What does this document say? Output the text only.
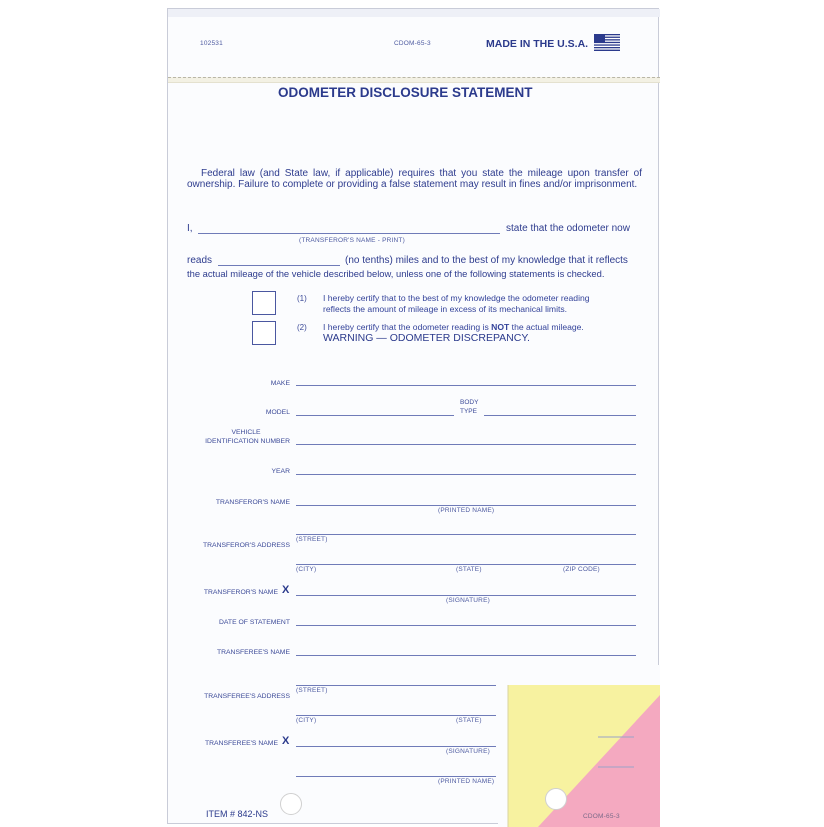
102531	CDOM-65-3	MADE IN THE U.S.A.
ODOMETER DISCLOSURE STATEMENT
Federal law (and State law, if applicable) requires that you state the mileage upon transfer of ownership. Failure to complete or providing a false statement may result in fines and/or imprisonment.
I,	state that the odometer now
(TRANSFEROR'S NAME - PRINT)
reads	(no tenths) miles and to the best of my knowledge that it reflects
the actual mileage of the vehicle described below, unless one of the following statements is checked.
(1) I hereby certify that to the best of my knowledge the odometer reading
reflects the amount of mileage in excess of its mechanical limits.
(2) I hereby certify that the odometer reading is NOT the actual mileage.
WARNING — ODOMETER DISCREPANCY.
MAKE
MODEL
BODY
TYPE
VEHICLE
IDENTIFICATION NUMBER
YEAR
TRANSFEROR'S NAME
(PRINTED NAME)
(STREET)
TRANSFEROR'S ADDRESS
(CITY)	(STATE)	(ZIP CODE)
TRANSFEROR'S NAME X
(SIGNATURE)
DATE OF STATEMENT
TRANSFEREE'S NAME
(STREET)
TRANSFEREE'S ADDRESS
(CITY)	(STATE)
TRANSFEREE'S NAME X
(SIGNATURE)
(PRINTED NAME)
ITEM # 842-NS	CDOM-65-3
